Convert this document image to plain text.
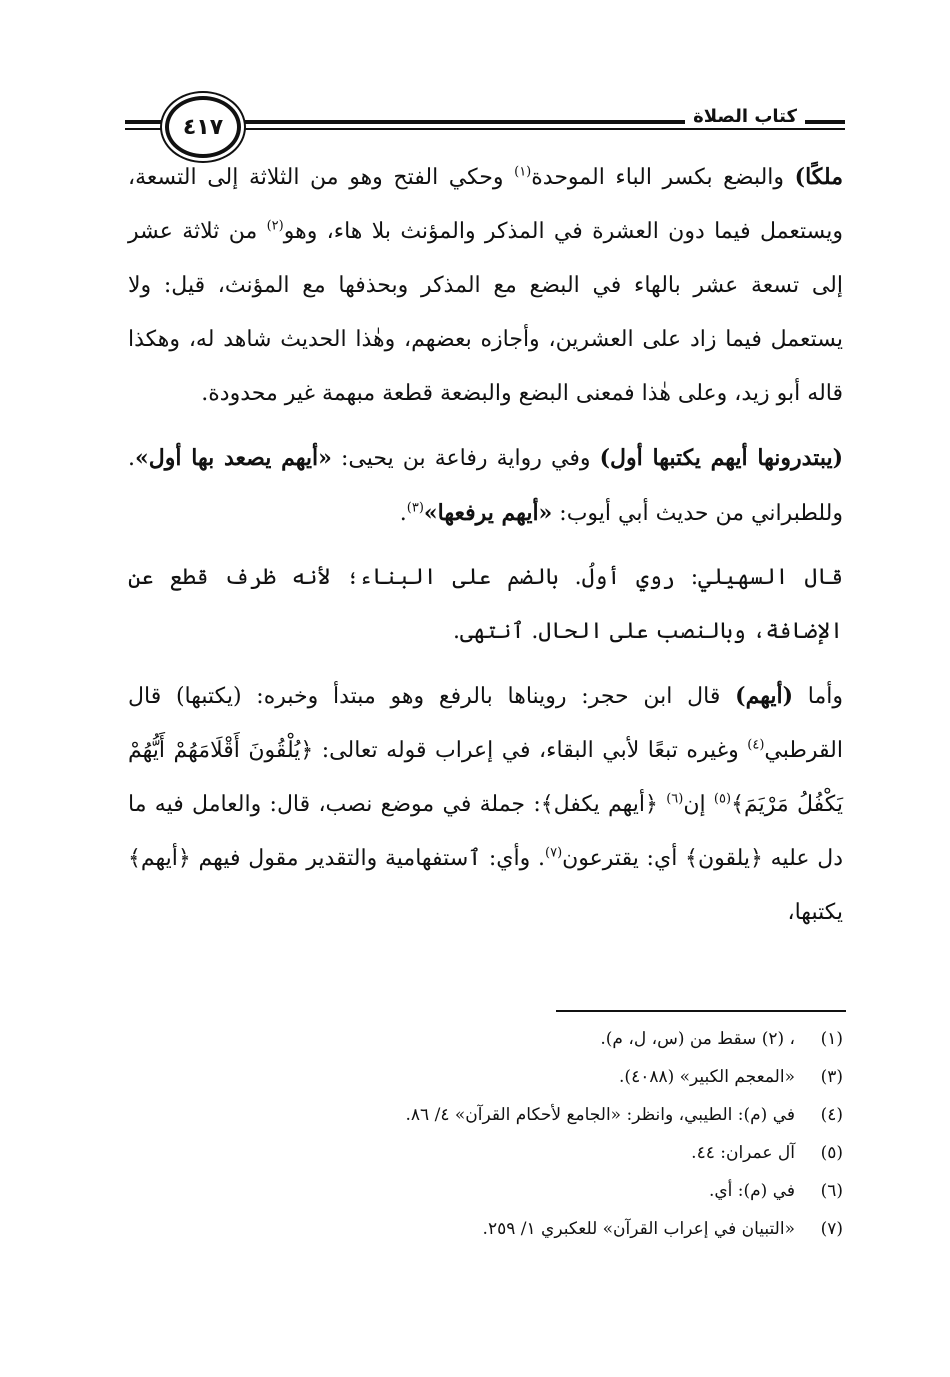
٤١٧	كتاب الصلاة

ملكًا) والبضع بكسر الباء الموحدة$^{(١)}$ وحكي الفتح وهو من الثلاثة إلى التسعة، ويستعمل فيما دون العشرة في المذكر والمؤنث بلا هاء، وهو$^{(٢)}$ من ثلاثة عشر إلى تسعة عشر بالهاء في البضع مع المذكر وبحذفها مع المؤنث، قيل: ولا يستعمل فيما زاد على العشرين، وأجازه بعضهم، وهٰذا الحديث شاهد له، وهكذا قاله أبو زيد، وعلى هٰذا فمعنى البضع والبضعة قطعة مبهمة غير محدودة.

(يبتدرونها أيهم يكتبها أول) وفي رواية رفاعة بن يحيى: «أيهم يصعد بها أول». وللطبراني من حديث أبي أيوب: «أيهم يرفعها»$^{(٣)}$.

قال السهيلي: روي أولُ. بالضم على البناء؛ لأنه ظرف قطع عن الإضافة، وبالنصب على الحال. ٱنتهى.

وأما (أيهم) قال ابن حجر: رويناها بالرفع وهو مبتدأ وخبره: (يكتبها) قال القرطبي$^{(٤)}$ وغيره تبعًا لأبي البقاء، في إعراب قوله تعالى: ﴿يُلْقُونَ أَقْلَامَهُمْ أَيُّهُمْ يَكْفُلُ مَرْيَمَ﴾$^{(٥)}$ إن$^{(٦)}$ ﴿أيهم يكفل﴾: جملة في موضع نصب، قال: والعامل فيه ما دل عليه ﴿يلقون﴾ أي: يقترعون$^{(٧)}$. وأي: ٱستفهامية والتقدير مقول فيهم ﴿أيهم﴾ يكتبها،

(١)
، (٢) سقط من (س، ل، م).
(٣)
«المعجم الكبير» (٤٠٨٨).
(٤)
في (م): الطيبي، وانظر: «الجامع لأحكام القرآن» ٤/ ٨٦.
(٥)
آل عمران: ٤٤.
(٦)
في (م): أي.
(٧)
«التبيان في إعراب القرآن» للعكبري ١/ ٢٥٩.
